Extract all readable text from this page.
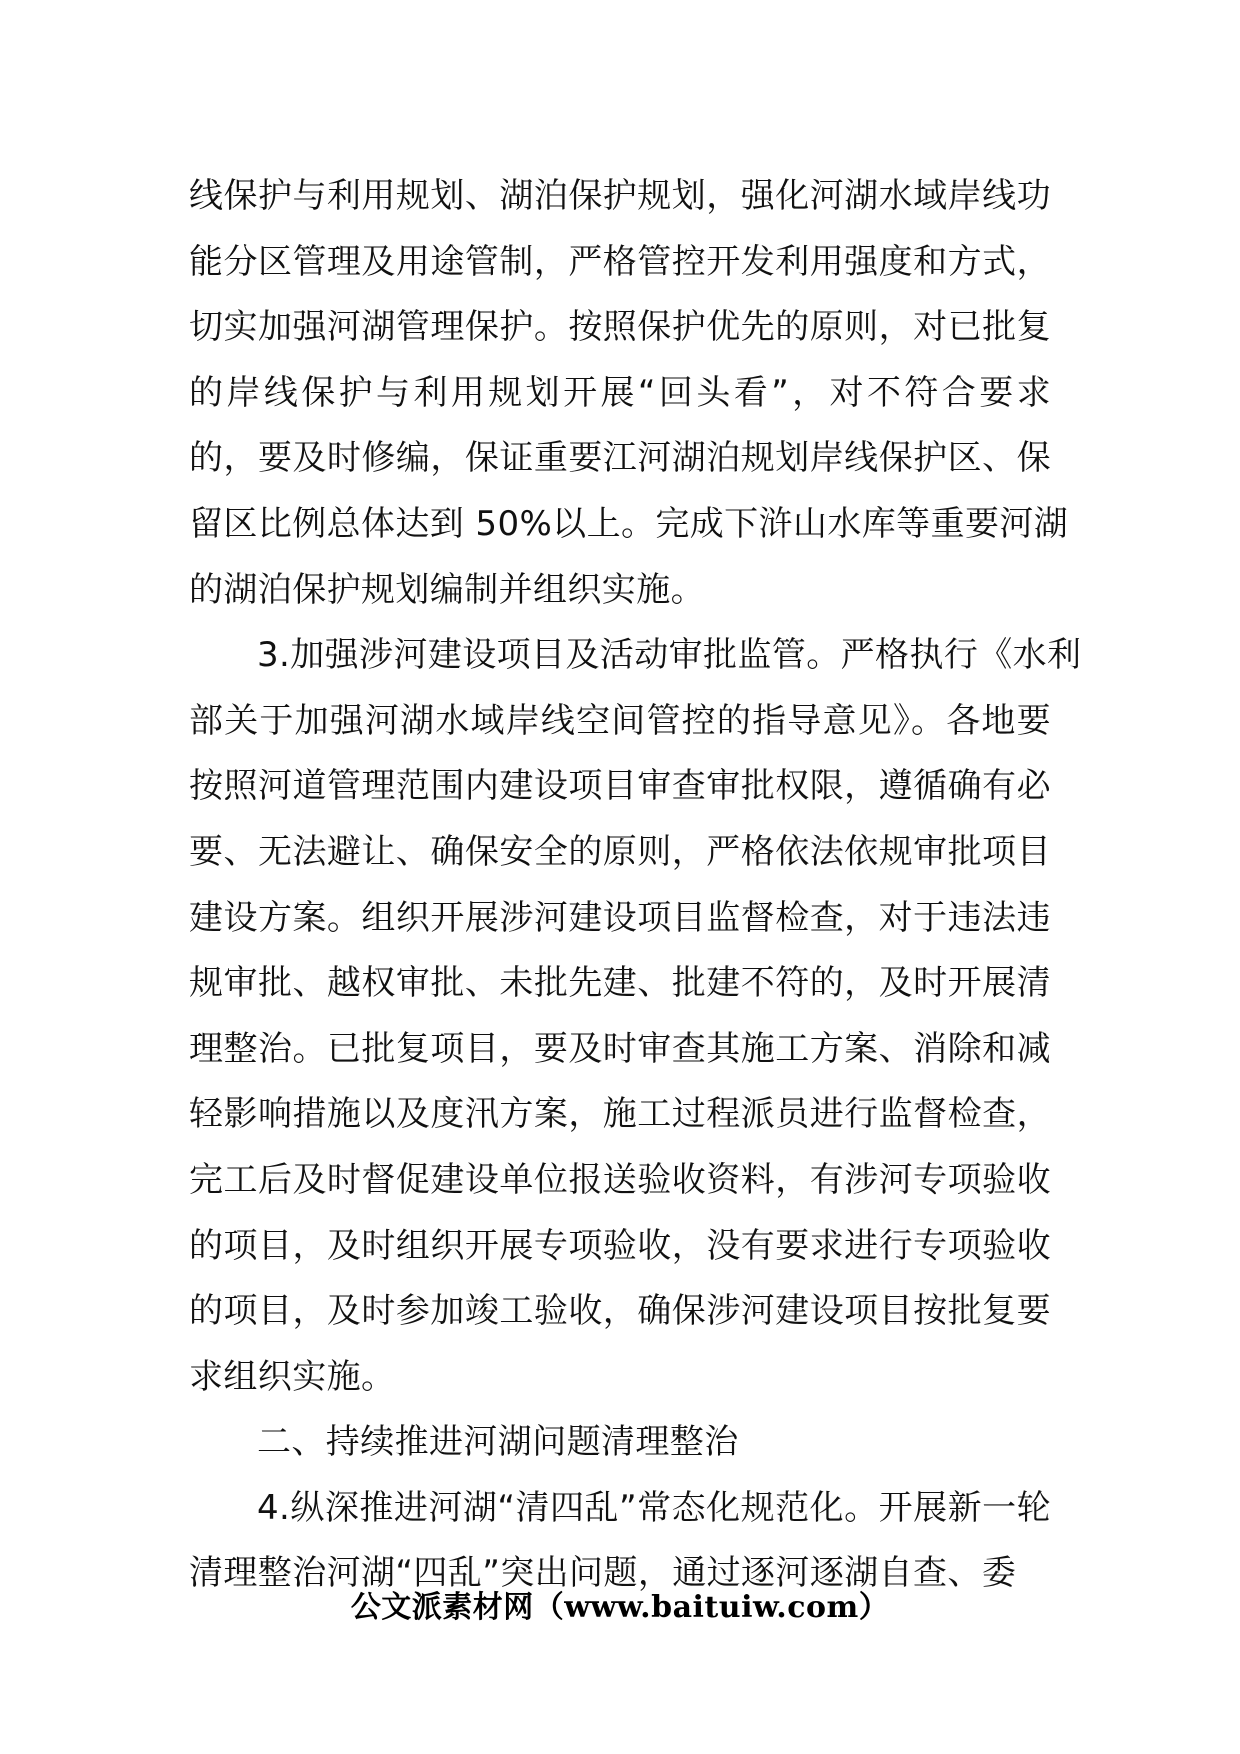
线保护与利用规划、湖泊保护规划，强化河湖水域岸线功
能分区管理及用途管制，严格管控开发利用强度和方式，
切实加强河湖管理保护。按照保护优先的原则，对已批复
的岸线保护与利用规划开展“回头看”，对不符合要求
的，要及时修编，保证重要江河湖泊规划岸线保护区、保
留区比例总体达到 50%以上。完成下浒山水库等重要河湖
的湖泊保护规划编制并组织实施。
3.加强涉河建设项目及活动审批监管。严格执行《水利
部关于加强河湖水域岸线空间管控的指导意见》。各地要
按照河道管理范围内建设项目审查审批权限，遵循确有必
要、无法避让、确保安全的原则，严格依法依规审批项目
建设方案。组织开展涉河建设项目监督检查，对于违法违
规审批、越权审批、未批先建、批建不符的，及时开展清
理整治。已批复项目，要及时审查其施工方案、消除和减
轻影响措施以及度汛方案，施工过程派员进行监督检查，
完工后及时督促建设单位报送验收资料，有涉河专项验收
的项目，及时组织开展专项验收，没有要求进行专项验收
的项目，及时参加竣工验收，确保涉河建设项目按批复要
求组织实施。
二、持续推进河湖问题清理整治
4.纵深推进河湖“清四乱”常态化规范化。开展新一轮
清理整治河湖“四乱”突出问题，通过逐河逐湖自查、委
公文派素材网（www.baituiw.com）
